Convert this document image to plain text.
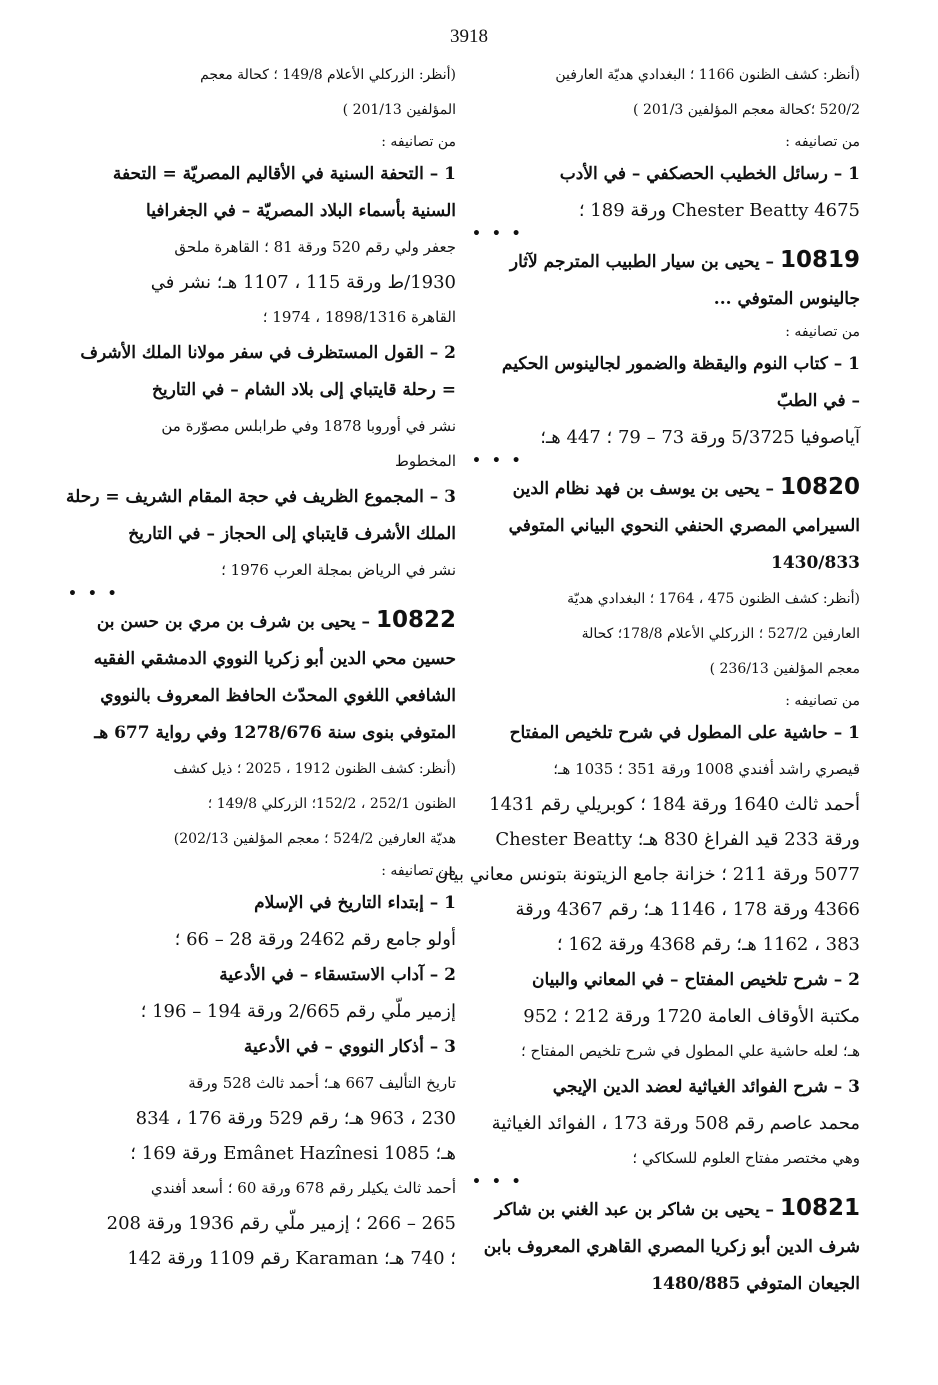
3918
(أنظر: كشف الظنون 1166 ؛ البغدادي هديّة العارفين
520/2 ؛كحالة معجم المؤلفين 201/3 )
من تصانيفه :
1 – رسائل الخطيب الحصكفي – في الأدب
Chester Beatty 4675 ورقة 189 ؛
• • •
10819 – يحيى بن سيار الطبيب المترجم لآثار
جالينوس المتوفي ...
من تصانيفه :
1 – كتاب النوم واليقظة والضمور لجالينوس الحكيم
– في الطبّ
آياصوفيا 5/3725 ورقة 73 – 79 ؛ 447 هـ؛
• • •
10820 – يحيى بن يوسف بن فهد نظام الدين
السيرامي المصري الحنفي النحوي البياني المتوفي
1430/833
(أنظر: كشف الظنون 475 ، 1764 ؛ البغدادي هديّة
العارفين 527/2 ؛ الزركلي الأعلام 178/8؛ كحالة
معجم المؤلفين 236/13 )
من تصانيفه :
1 – حاشية على المطول في شرح تلخيص المفتاح
قيصري راشد أفندي 1008 ورقة 351 ؛ 1035 هـ؛
أحمد ثالث 1640 ورقة 184 ؛ كوبريلي رقم 1431
ورقة 233 قيد الفراغ 830 هـ؛ Chester Beatty
5077 ورقة 211 ؛ خزانة جامع الزيتونة بتونس معاني بيان
4366 ورقة 178 ، 1146 هـ؛ رقم 4367 ورقة
383 ، 1162 هـ؛ رقم 4368 ورقة 162 ؛
2 – شرح تلخيص المفتاح – في المعاني والبيان
مكتبة الأوقاف العامة 1720 ورقة 212 ؛ 952
هـ؛ لعله حاشية علي المطول في شرح تلخيص المفتاح ؛
3 – شرح الفوائد الغياثية لعضد الدين الإيجي
محمد عاصم رقم 508 ورقة 173 ، الفوائد الغياثية
وهي مختصر مفتاح العلوم للسكاكي ؛
• • •
10821 – يحيى بن شاكر بن عبد الغني بن شاكر
شرف الدين أبو زكريا المصري القاهري المعروف بابن
الجيعان المتوفي 1480/885
(أنظر: الزركلي الأعلام 149/8 ؛ كحالة معجم
المؤلفين 201/13 )
من تصانيفه :
1 – التحفة السنية في الأقاليم المصريّة = التحفة
السنية بأسماء البلاد المصريّة – في الجغرافيا
جعفر ولي رقم 520 ورقة 81 ؛ القاهرة ملحق
1930/ط ورقة 115 ، 1107 هـ؛ نشر في
القاهرة 1898/1316 ، 1974 ؛
2 – القول المستظرف في سفر مولانا الملك الأشرف
= رحلة قايتباي إلى بلاد الشام – في التاريخ
نشر في أوروبا 1878 وفي طرابلس مصوّرة من
المخطوط
3 – المجموع الظريف في حجة المقام الشريف = رحلة
الملك الأشرف قايتباي إلى الحجاز – في التاريخ
نشر في الرياض بمجلة العرب 1976 ؛
• • •
10822 – يحيى بن شرف بن مري بن حسن بن
حسين محي الدين أبو زكريا النووي الدمشقي الفقيه
الشافعي اللغوي المحدّث الحافظ المعروف بالنووي
المتوفي بنوى سنة 1278/676 وفي رواية 677 هـ
(أنظر: كشف الظنون 1912 ، 2025 ؛ ذيل كشف
الظنون 252/1 ، 152/2؛ الزركلي 149/8 ؛
هديّة العارفين 524/2 ؛ معجم المؤلفين 202/13)
من تصانيفه :
1 – إبتداء التاريخ في الإسلام
أولو جامع رقم 2462 ورقة 28 – 66 ؛
2 – آداب الاستسقاء – في الأدعية
إزمير ملّي رقم 2/665 ورقة 194 – 196 ؛
3 – أذكار النووي – في الأدعية
تاريخ التأليف 667 هـ؛ أحمد ثالث 528 ورقة
230 ، 963 هـ؛ رقم 529 ورقة 176 ، 834
هـ؛ Emânet Hazînesi 1085 ورقة 169 ؛
أحمد ثالث يكيلر رقم 678 ورقة 60 ؛ أسعد أفندي
265 – 266 ؛ إزمير ملّي رقم 1936 ورقة 208
؛ 740 هـ؛ Karaman رقم 1109 ورقة 142
